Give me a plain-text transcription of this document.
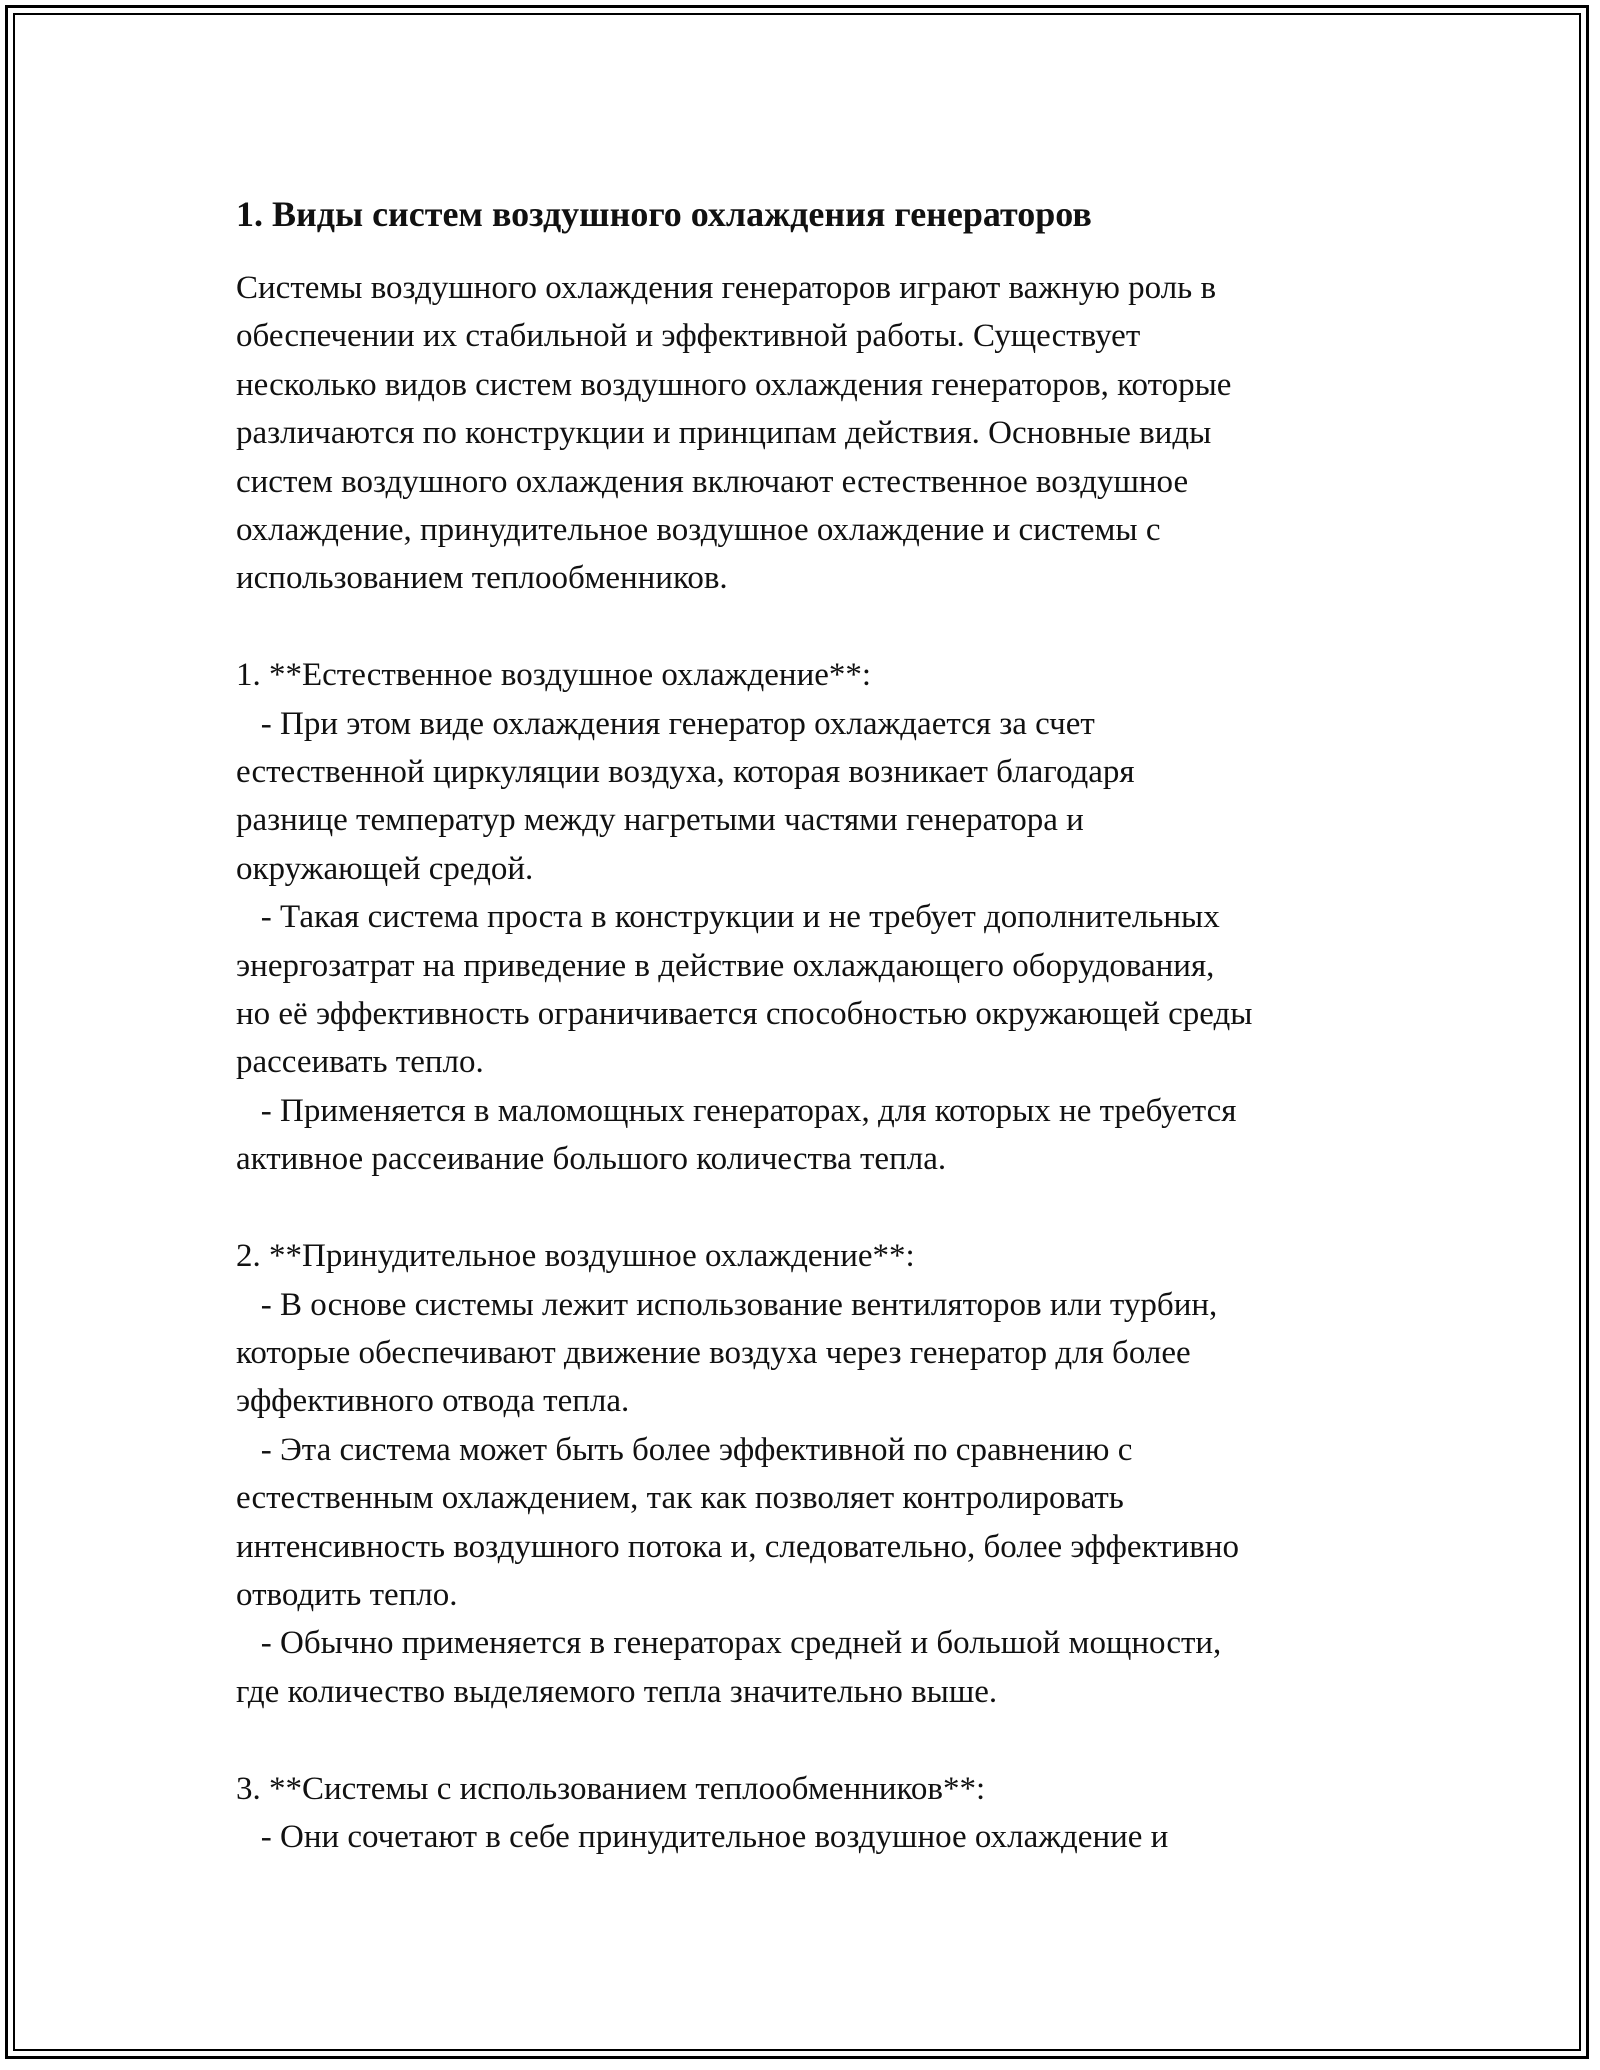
1. Виды систем воздушного охлаждения генераторов

Системы воздушного охлаждения генераторов играют важную роль в
обеспечении их стабильной и эффективной работы. Существует
несколько видов систем воздушного охлаждения генераторов, которые
различаются по конструкции и принципам действия. Основные виды
систем воздушного охлаждения включают естественное воздушное
охлаждение, принудительное воздушное охлаждение и системы с
использованием теплообменников.

1. **Естественное воздушное охлаждение**:

- При этом виде охлаждения генератор охлаждается за счет
естественной циркуляции воздуха, которая возникает благодаря
разнице температур между нагретыми частями генератора и
окружающей средой.

- Такая система проста в конструкции и не требует дополнительных
энергозатрат на приведение в действие охлаждающего оборудования,
но её эффективность ограничивается способностью окружающей среды
рассеивать тепло.

- Применяется в маломощных генераторах, для которых не требуется
активное рассеивание большого количества тепла.

2. **Принудительное воздушное охлаждение**:

- В основе системы лежит использование вентиляторов или турбин,
которые обеспечивают движение воздуха через генератор для более
эффективного отвода тепла.

- Эта система может быть более эффективной по сравнению с
естественным охлаждением, так как позволяет контролировать
интенсивность воздушного потока и, следовательно, более эффективно
отводить тепло.

- Обычно применяется в генераторах средней и большой мощности,
где количество выделяемого тепла значительно выше.

3. **Системы с использованием теплообменников**:

- Они сочетают в себе принудительное воздушное охлаждение и
